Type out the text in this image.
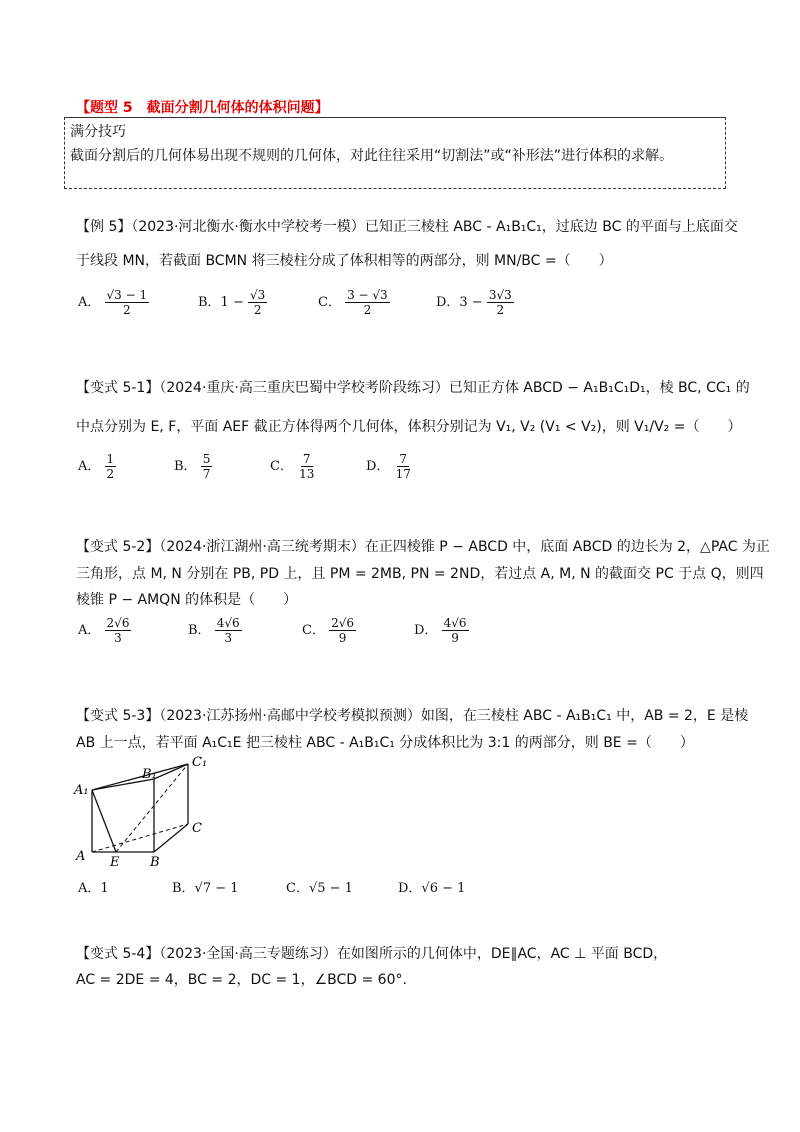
【题型 5　截面分割几何体的体积问题】
满分技巧
截面分割后的几何体易出现不规则的几何体，对此往往采用“切割法”或“补形法”进行体积的求解。
【例 5】（2023·河北衡水·衡水中学校考一模）已知正三棱柱 ABC - A₁B₁C₁，过底边 BC 的平面与上底面交
于线段 MN，若截面 BCMN 将三棱柱分成了体积相等的两部分，则 MN/BC =（　　）
A． $\frac{√3 - 1}{2}$	B．$1 - \frac{√3}{2}$	C． $\frac{3 - √3}{2}$	D．$3 - \frac{3√3}{2}$
【变式 5-1】（2024·重庆·高三重庆巴蜀中学校考阶段练习）已知正方体 ABCD − A₁B₁C₁D₁，棱 BC, CC₁ 的
中点分别为 E, F，平面 AEF 截正方体得两个几何体，体积分别记为 V₁, V₂ (V₁ < V₂)，则 V₁/V₂ =（　　）
A． $\frac{1}{2}$	B． $\frac{5}{7}$	C． $\frac{7}{13}$	D． $\frac{7}{17}$
【变式 5-2】（2024·浙江湖州·高三统考期末）在正四棱锥 P − ABCD 中，底面 ABCD 的边长为 2，△PAC 为正
三角形，点 M, N 分别在 PB, PD 上，且 PM = 2MB, PN = 2ND，若过点 A, M, N 的截面交 PC 于点 Q，则四
棱锥 P − AMQN 的体积是（　　）
A． $\frac{2√6}{3}$	B． $\frac{4√6}{3}$	C． $\frac{2√6}{9}$	D． $\frac{4√6}{9}$
【变式 5-3】（2023·江苏扬州·高邮中学校考模拟预测）如图，在三棱柱 ABC - A₁B₁C₁ 中，AB = 2，E 是棱
AB 上一点，若平面 A₁C₁E 把三棱柱 ABC - A₁B₁C₁ 分成体积比为 3:1 的两部分，则 BE =（　　）
A₁
B₁
C₁
C
A E B
A．1	B．√7 − 1	C．√5 − 1	D．√6 − 1
【变式 5-4】（2023·全国·高三专题练习）在如图所示的几何体中，DE∥AC，AC ⊥ 平面 BCD，
AC = 2DE = 4，BC = 2，DC = 1，∠BCD = 60°.
